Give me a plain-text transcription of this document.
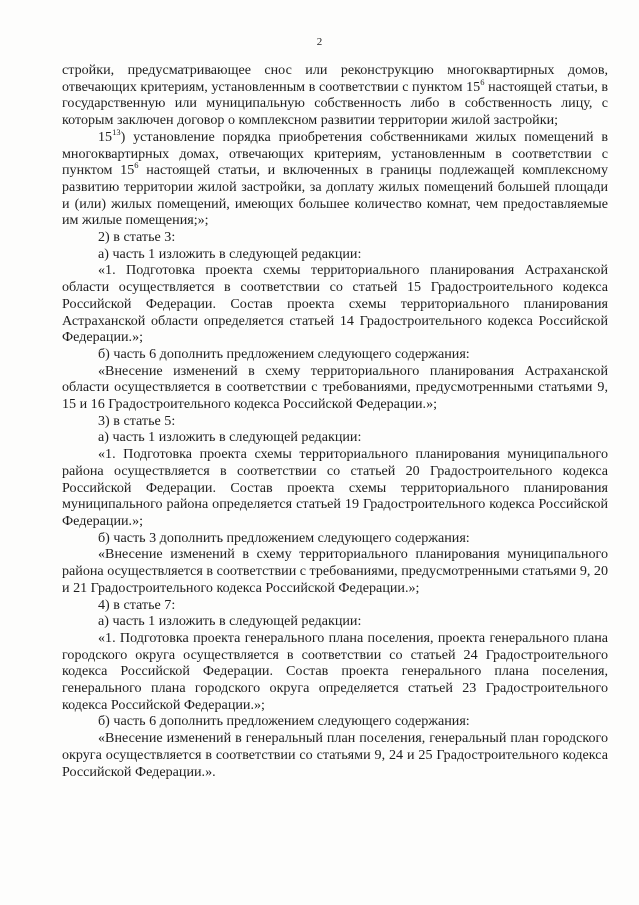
2

стройки, предусматривающее снос или реконструкцию многоквартирных домов, отвечающих критериям, установленным в соответствии с пунктом $15^6$ настоящей статьи, в государственную или муниципальную собственность либо в собственность лицу, с которым заключен договор о комплексном развитии территории жилой застройки;

$15^{13}$) установление порядка приобретения собственниками жилых помещений в многоквартирных домах, отвечающих критериям, установленным в соответствии с пунктом $15^6$ настоящей статьи, и включенных в границы подлежащей комплексному развитию территории жилой застройки, за доплату жилых помещений большей площади и (или) жилых помещений, имеющих большее количество комнат, чем предоставляемые им жилые помещения;»;

2) в статье 3:

а) часть 1 изложить в следующей редакции:

«1. Подготовка проекта схемы территориального планирования Астраханской области осуществляется в соответствии со статьей 15 Градостроительного кодекса Российской Федерации. Состав проекта схемы территориального планирования Астраханской области определяется статьей 14 Градостроительного кодекса Российской Федерации.»;

б) часть 6 дополнить предложением следующего содержания:

«Внесение изменений в схему территориального планирования Астраханской области осуществляется в соответствии с требованиями, предусмотренными статьями 9, 15 и 16 Градостроительного кодекса Российской Федерации.»;

3) в статье 5:

а) часть 1 изложить в следующей редакции:

«1. Подготовка проекта схемы территориального планирования муниципального района осуществляется в соответствии со статьей 20 Градостроительного кодекса Российской Федерации. Состав проекта схемы территориального планирования муниципального района определяется статьей 19 Градостроительного кодекса Российской Федерации.»;

б) часть 3 дополнить предложением следующего содержания:

«Внесение изменений в схему территориального планирования муниципального района осуществляется в соответствии с требованиями, предусмотренными статьями 9, 20 и 21 Градостроительного кодекса Российской Федерации.»;

4) в статье 7:

а) часть 1 изложить в следующей редакции:

«1. Подготовка проекта генерального плана поселения, проекта генерального плана городского округа осуществляется в соответствии со статьей 24 Градостроительного кодекса Российской Федерации. Состав проекта генерального плана поселения, генерального плана городского округа определяется статьей 23 Градостроительного кодекса Российской Федерации.»;

б) часть 6 дополнить предложением следующего содержания:

«Внесение изменений в генеральный план поселения, генеральный план городского округа осуществляется в соответствии со статьями 9, 24 и 25 Градостроительного кодекса Российской Федерации.».
